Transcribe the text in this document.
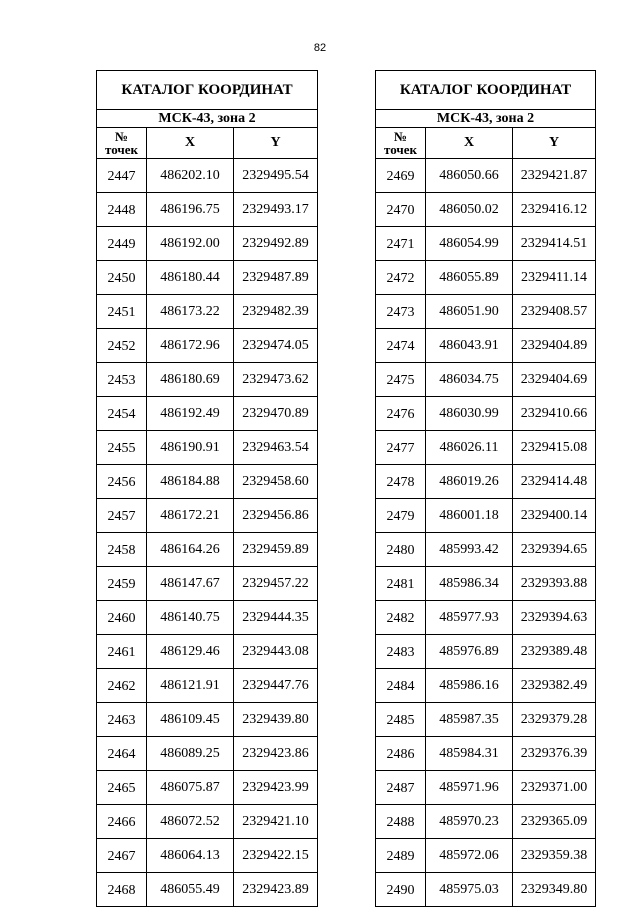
82
КАТАЛОГ КООРДИНАТ		
МСК-43, зона 2		
№
точек	X	Y
2447	486202.10	2329495.54
2448	486196.75	2329493.17
2449	486192.00	2329492.89
2450	486180.44	2329487.89
2451	486173.22	2329482.39
2452	486172.96	2329474.05
2453	486180.69	2329473.62
2454	486192.49	2329470.89
2455	486190.91	2329463.54
2456	486184.88	2329458.60
2457	486172.21	2329456.86
2458	486164.26	2329459.89
2459	486147.67	2329457.22
2460	486140.75	2329444.35
2461	486129.46	2329443.08
2462	486121.91	2329447.76
2463	486109.45	2329439.80
2464	486089.25	2329423.86
2465	486075.87	2329423.99
2466	486072.52	2329421.10
2467	486064.13	2329422.15
2468	486055.49	2329423.89
КАТАЛОГ КООРДИНАТ		
МСК-43, зона 2		
№
точек	X	Y
2469	486050.66	2329421.87
2470	486050.02	2329416.12
2471	486054.99	2329414.51
2472	486055.89	2329411.14
2473	486051.90	2329408.57
2474	486043.91	2329404.89
2475	486034.75	2329404.69
2476	486030.99	2329410.66
2477	486026.11	2329415.08
2478	486019.26	2329414.48
2479	486001.18	2329400.14
2480	485993.42	2329394.65
2481	485986.34	2329393.88
2482	485977.93	2329394.63
2483	485976.89	2329389.48
2484	485986.16	2329382.49
2485	485987.35	2329379.28
2486	485984.31	2329376.39
2487	485971.96	2329371.00
2488	485970.23	2329365.09
2489	485972.06	2329359.38
2490	485975.03	2329349.80
